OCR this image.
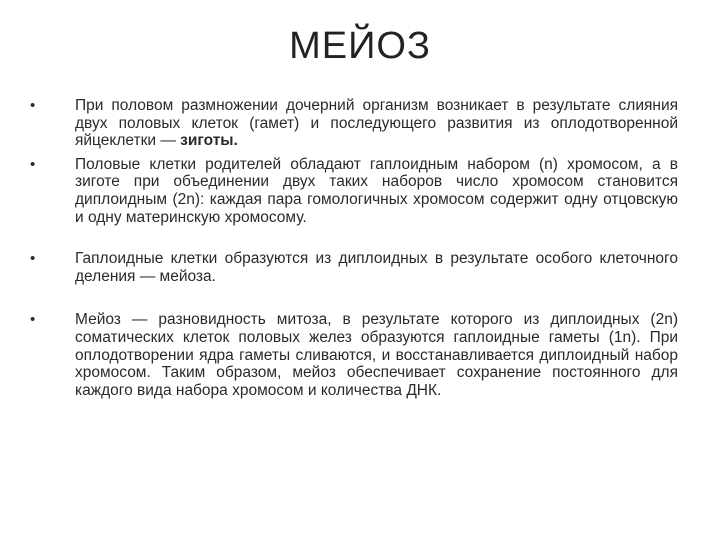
МЕЙОЗ
•	При половом размножении дочерний организм возникает в результате слияния двух половых клеток (гамет) и последующего развития из оплодотворенной яйцеклетки — зиготы.
•	Половые клетки родителей обладают гаплоидным набором (n) хромосом, а в зиготе при объединении двух таких наборов число хромосом становится диплоидным (2n): каждая пара гомологичных хромосом содержит одну отцовскую и одну материнскую хромосому.
•	Гаплоидные клетки образуются из диплоидных в результате особого клеточного деления — мейоза.
•	Мейоз — разновидность митоза, в результате которого из диплоидных (2n) соматических клеток половых желез образуются гаплоидные гаметы (1n). При оплодотворении ядра гаметы сливаются, и восстанавливается диплоидный набор хромосом. Таким образом, мейоз обеспечивает сохранение постоянного для каждого вида набора хромосом и количества ДНК.
